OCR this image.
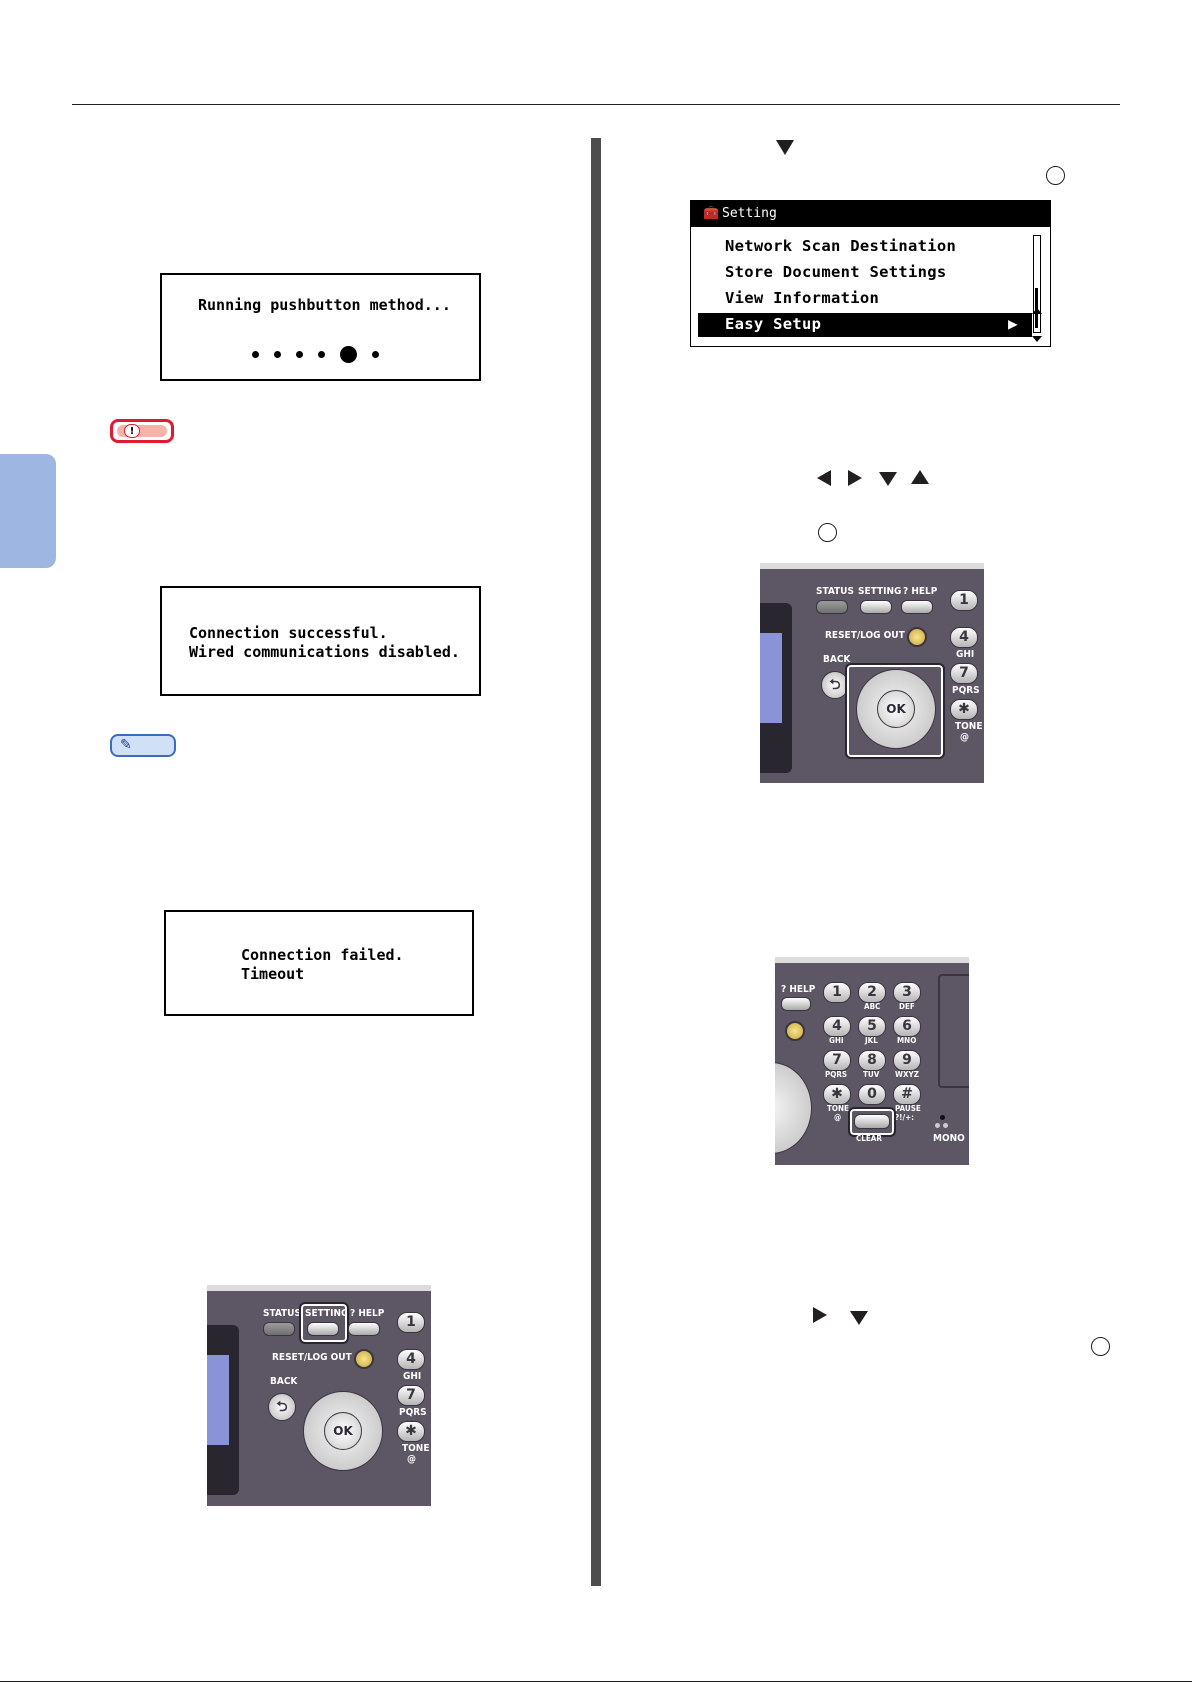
Running pushbutton method...
!
Connection successful.
Wired communications disabled.
✎
Connection failed.
Timeout
🧰 Setting
Network Scan Destination
Store Document Settings
View Information
Easy Setup	▶
STATUS SETTING ? HELP
1
RESET/LOG OUT	4
GHI
BACK
⮌
7
PQRS
✱
TONE
@
OK
? HELP	1	2	3
ABC DEF
4	5	6
GHI	JKL MNO
7	8	9
PQRS TUV WXYZ
✱	0	#
TONE
@
PAUSE
?!/+:
CLEAR	MONO
STATUS SETTING ? HELP
1
RESET/LOG OUT	4
GHI
BACK
⮌
7
PQRS
✱
TONE
@
OK
